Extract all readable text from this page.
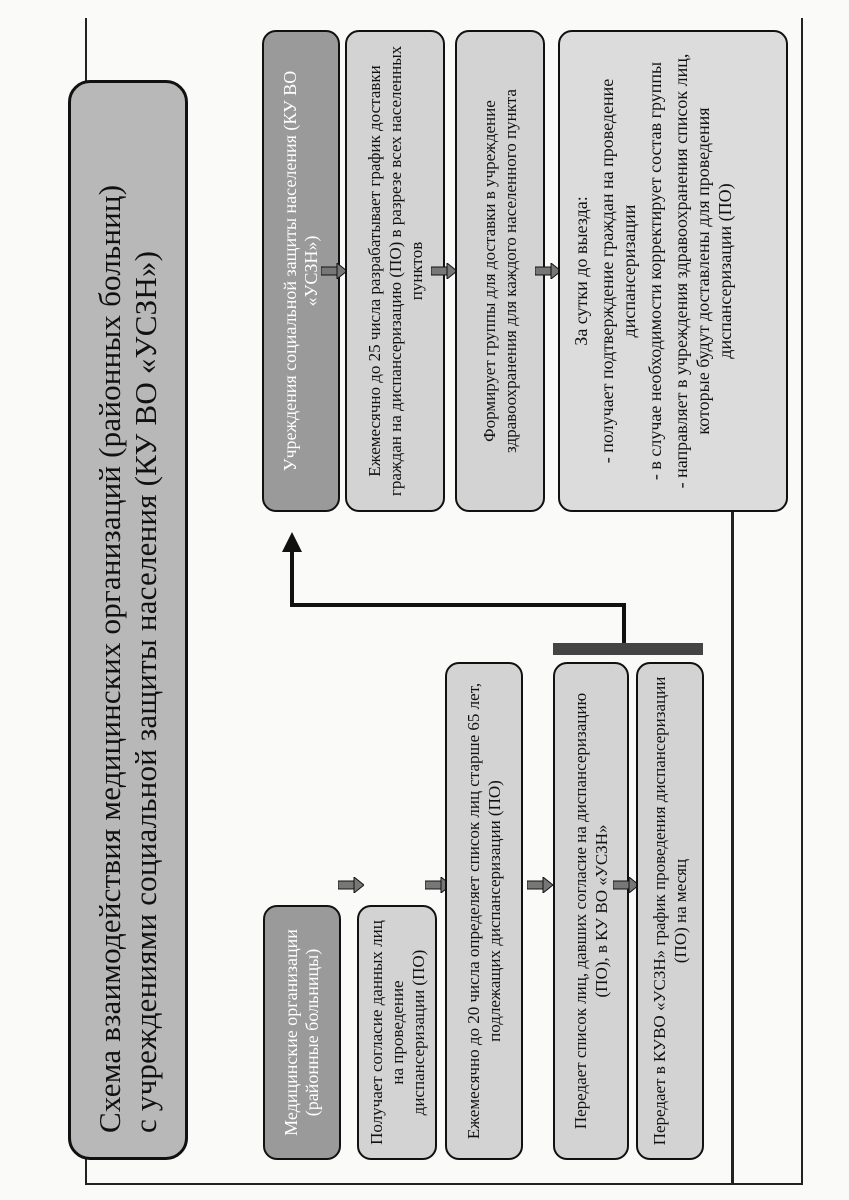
Схема взаимодействия медицинских организаций (районных больниц) с учреждениями социальной защиты населения (КУ ВО «УСЗН»)	Медицинские организации (районные больницы)	Получает согласие данных лиц на проведение диспансеризации (ПО)	Ежемесячно до 20 числа определяет список лиц старше 65 лет, подлежащих диспансеризации (ПО)	Передает список лиц, давших согласие на диспансеризацию (ПО), в КУ ВО «УСЗН»	Передает в КУВО «УСЗН» график проведения диспансеризации (ПО) на месяц
Учреждения социальной защиты населения (КУ ВО «УСЗН»)	Ежемесячно до 25 числа разрабатывает график доставки граждан на диспансеризацию (ПО) в разрезе всех населенных пунктов	Формирует группы для доставки в учреждение здравоохранения для каждого населенного пункта	За сутки до выезда: - получает подтверждение граждан на проведение диспансеризации - в случае необходимости корректирует состав группы - направляет в учреждения здравоохранения список лиц, которые будут доставлены для проведения диспансеризации (ПО)
